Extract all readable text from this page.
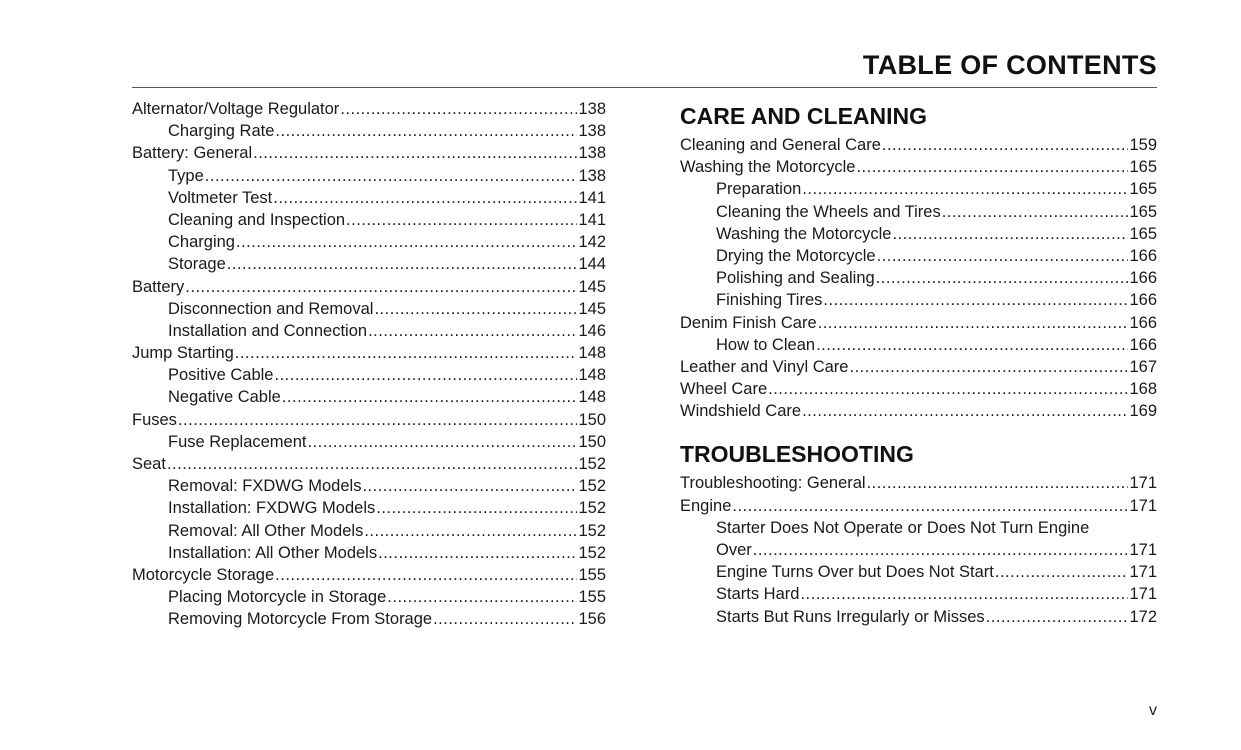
TABLE OF CONTENTS
Alternator/Voltage Regulator .....	138
Charging Rate .....	138
Battery: General .....	138
Type .....	138
Voltmeter Test .....	141
Cleaning and Inspection .....	141
Charging .....	142
Storage .....	144
Battery .....	145
Disconnection and Removal .....	145
Installation and Connection .....	146
Jump Starting .....	148
Positive Cable .....	148
Negative Cable .....	148
Fuses .....	150
Fuse Replacement .....	150
Seat .....	152
Removal: FXDWG Models .....	152
Installation: FXDWG Models .....	152
Removal: All Other Models .....	152
Installation: All Other Models .....	152
Motorcycle Storage .....	155
Placing Motorcycle in Storage .....	155
Removing Motorcycle From Storage .....	156
CARE AND CLEANING
Cleaning and General Care .....	159
Washing the Motorcycle .....	165
Preparation .....	165
Cleaning the Wheels and Tires .....	165
Washing the Motorcycle .....	165
Drying the Motorcycle .....	166
Polishing and Sealing .....	166
Finishing Tires .....	166
Denim Finish Care .....	166
How to Clean .....	166
Leather and Vinyl Care .....	167
Wheel Care .....	168
Windshield Care .....	169
TROUBLESHOOTING
Troubleshooting: General .....	171
Engine .....	171
Starter Does Not Operate or Does Not Turn Engine
Over .....	171
Engine Turns Over but Does Not Start .....	171
Starts Hard .....	171
Starts But Runs Irregularly or Misses .....	172
v
